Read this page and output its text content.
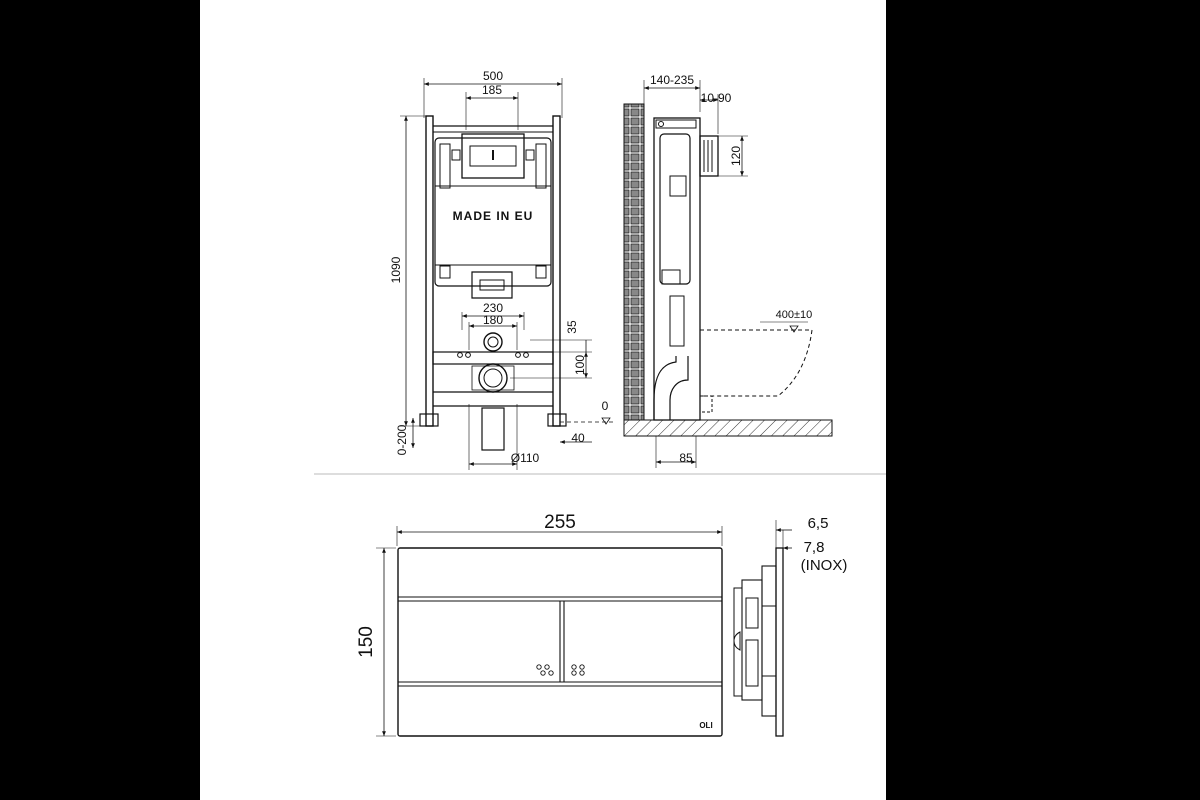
500
185
1090
MADE IN EU
230
180	35
100
0
40
0-200
Ø110
140-235
10-90
120
400±10
85
255
150
OLI
6,5
7,8
(INOX)
